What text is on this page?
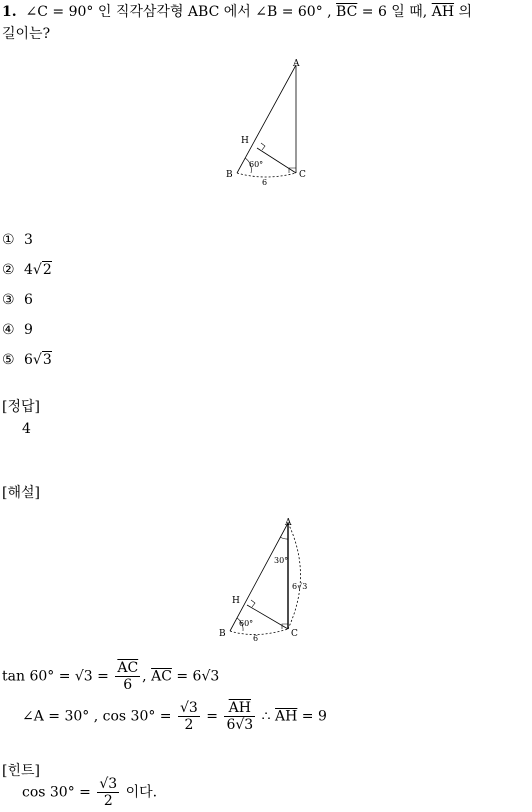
1. ∠C = 90° 인 직각삼각형 ABC 에서 ∠B = 60° , $\overline{BC} = 6$ 일 때, $\overline{AH}$ 의
길이는?
A
H
B	C
60°
6
① 3
② 4√2
③ 6
④ 9
⑤ 6√3
[정답]
4
[해설]
A
H
B	C
30°
60°
6
6√3
$\tan 60^\circ = √3 = \frac{\overline{AC}}{6}$ , $\overline{AC} = 6√3$
∠A = 30° , $\cos 30^\circ = \frac{√3}{2} = \frac{\overline{AH}}{6√3}$ ∴ $\overline{AH} = 9$
[힌트]
$\cos 30^\circ = \frac{√3}{2}$ 이다.
